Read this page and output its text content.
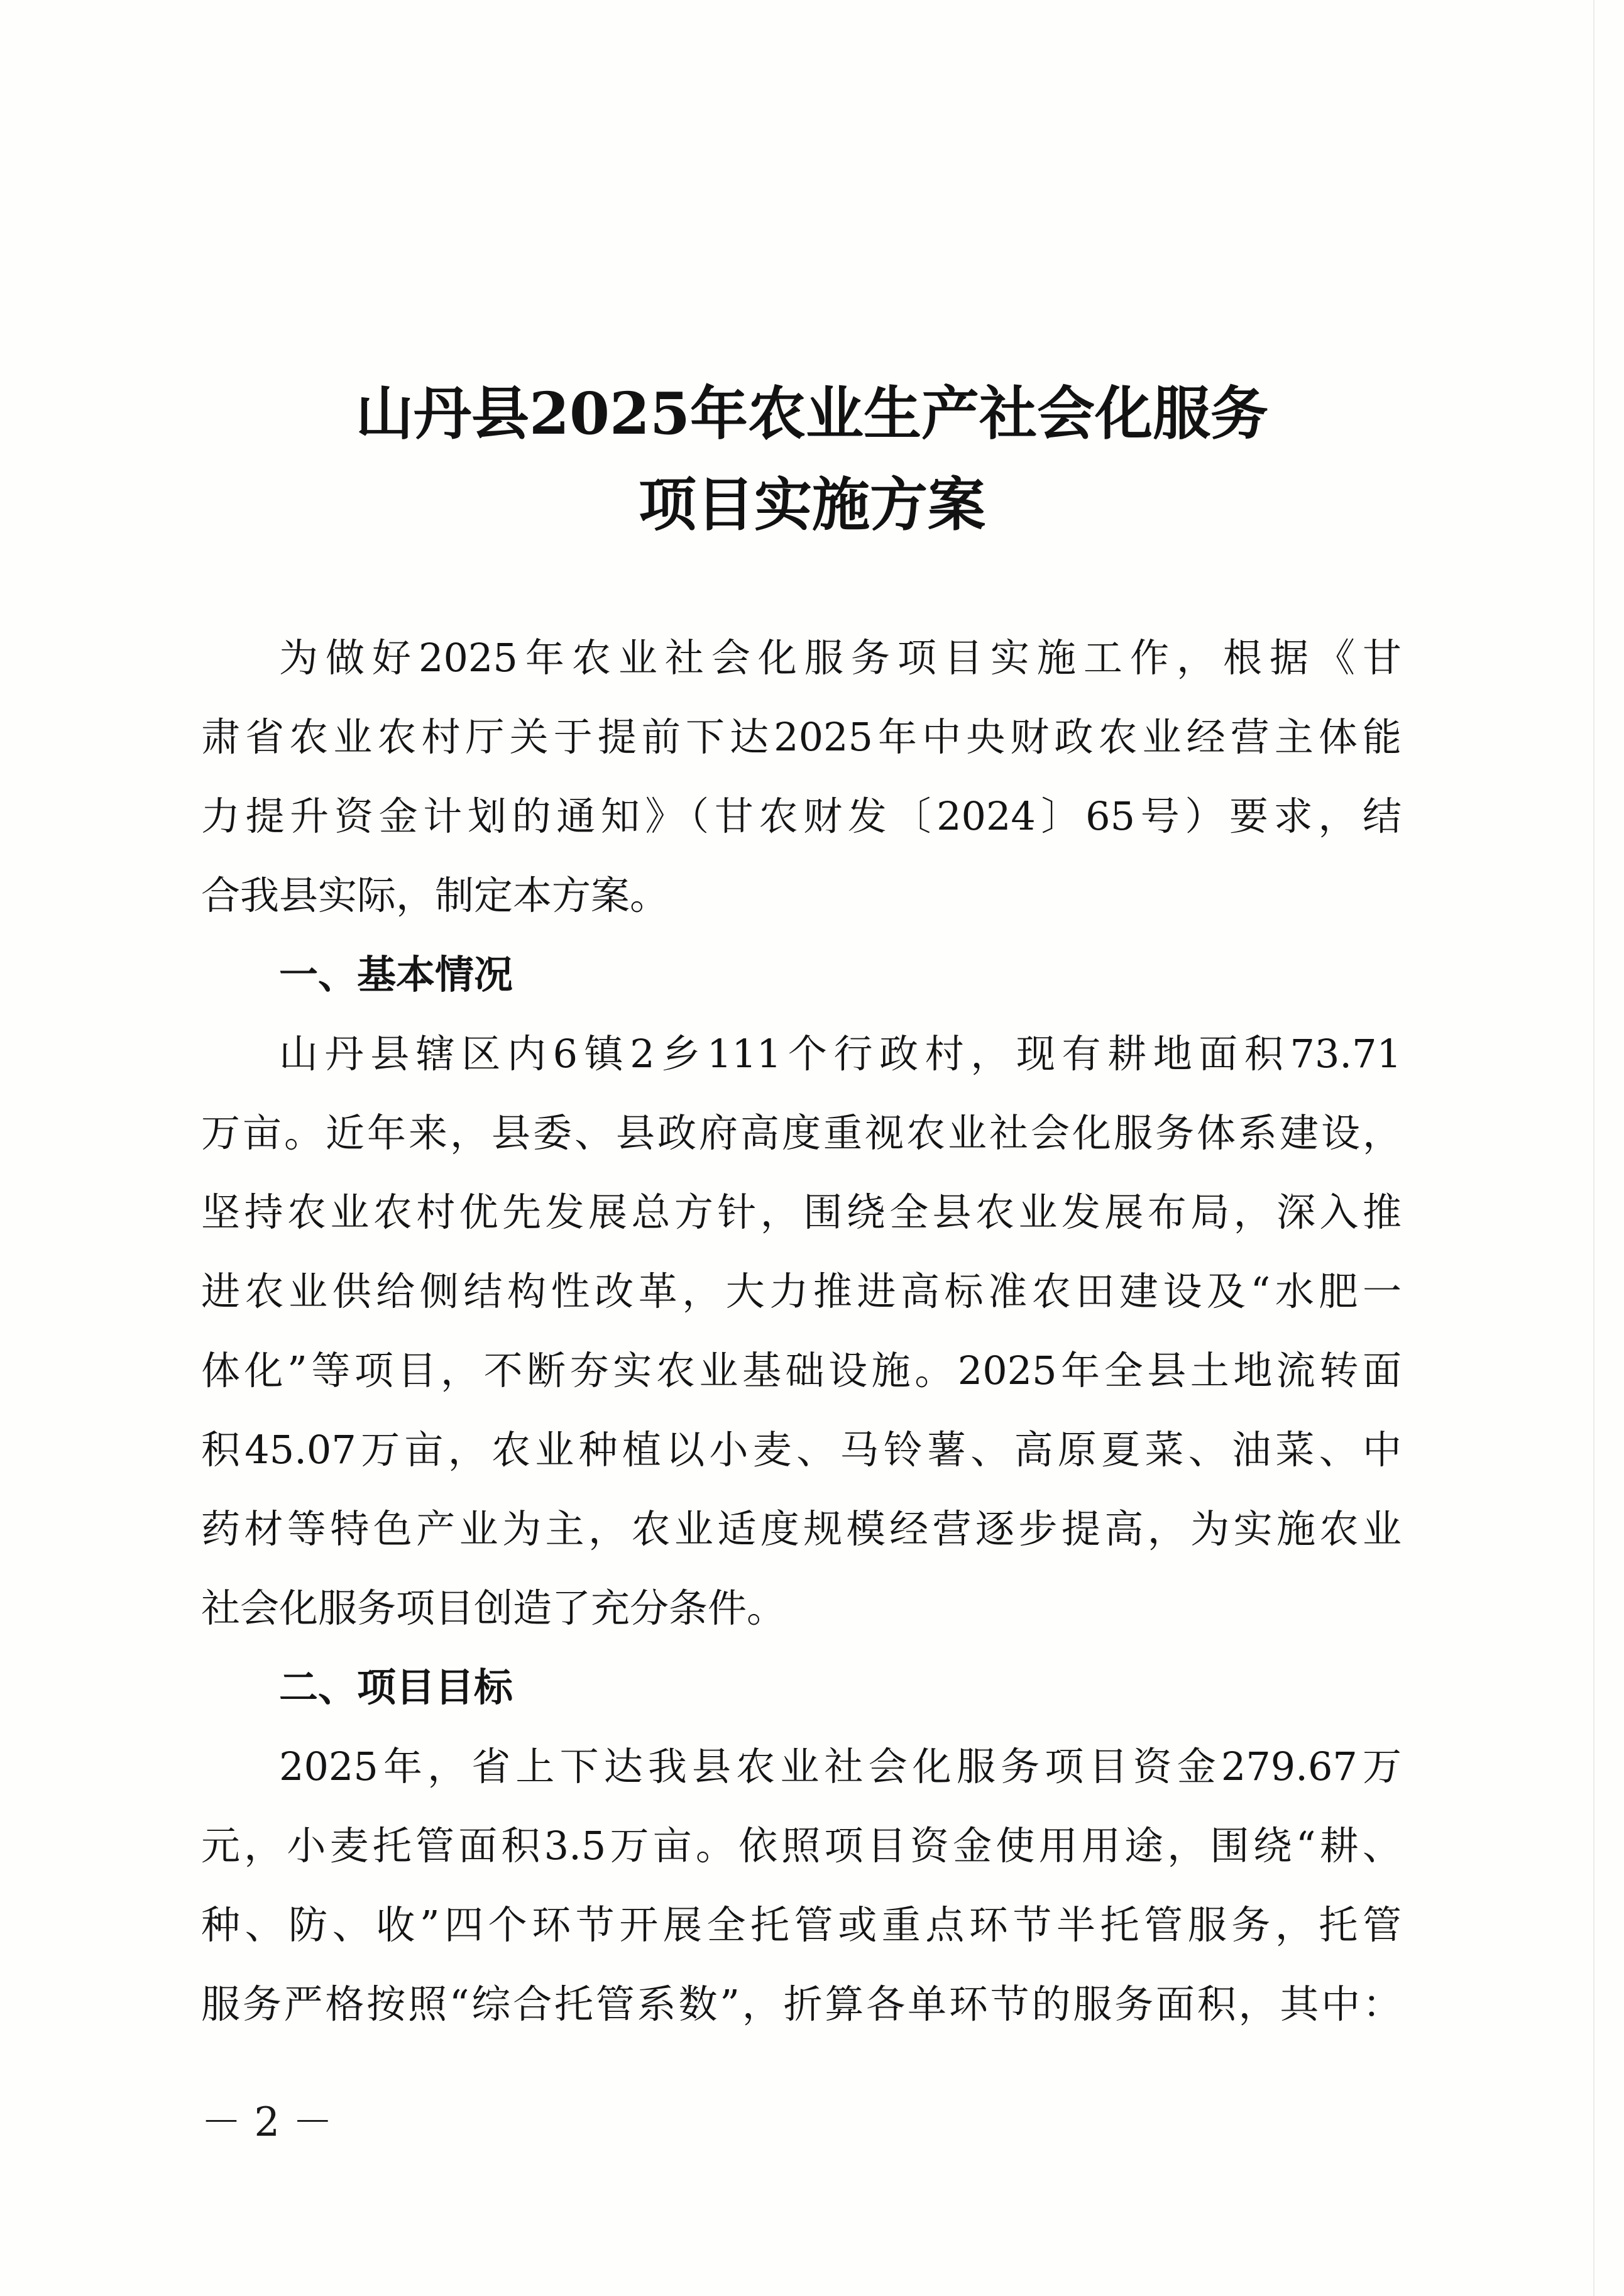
山丹县2025年农业生产社会化服务
项目实施方案
为做好2025年农业社会化服务项目实施工作，根据《甘
肃省农业农村厅关于提前下达2025年中央财政农业经营主体能
力提升资金计划的通知》（甘农财发〔2024〕65号）要求，结
合我县实际，制定本方案。
一、基本情况
山丹县辖区内6镇2乡111个行政村，现有耕地面积73.71
万亩。近年来，县委、县政府高度重视农业社会化服务体系建设，
坚持农业农村优先发展总方针，围绕全县农业发展布局，深入推
进农业供给侧结构性改革，大力推进高标准农田建设及“水肥一
体化”等项目，不断夯实农业基础设施。2025年全县土地流转面
积45.07万亩，农业种植以小麦、马铃薯、高原夏菜、油菜、中
药材等特色产业为主，农业适度规模经营逐步提高，为实施农业
社会化服务项目创造了充分条件。
二、项目目标
2025年，省上下达我县农业社会化服务项目资金279.67万
元，小麦托管面积3.5万亩。依照项目资金使用用途，围绕“耕、
种、防、收”四个环节开展全托管或重点环节半托管服务，托管
服务严格按照“综合托管系数”，折算各单环节的服务面积，其中：
－ 2 －
